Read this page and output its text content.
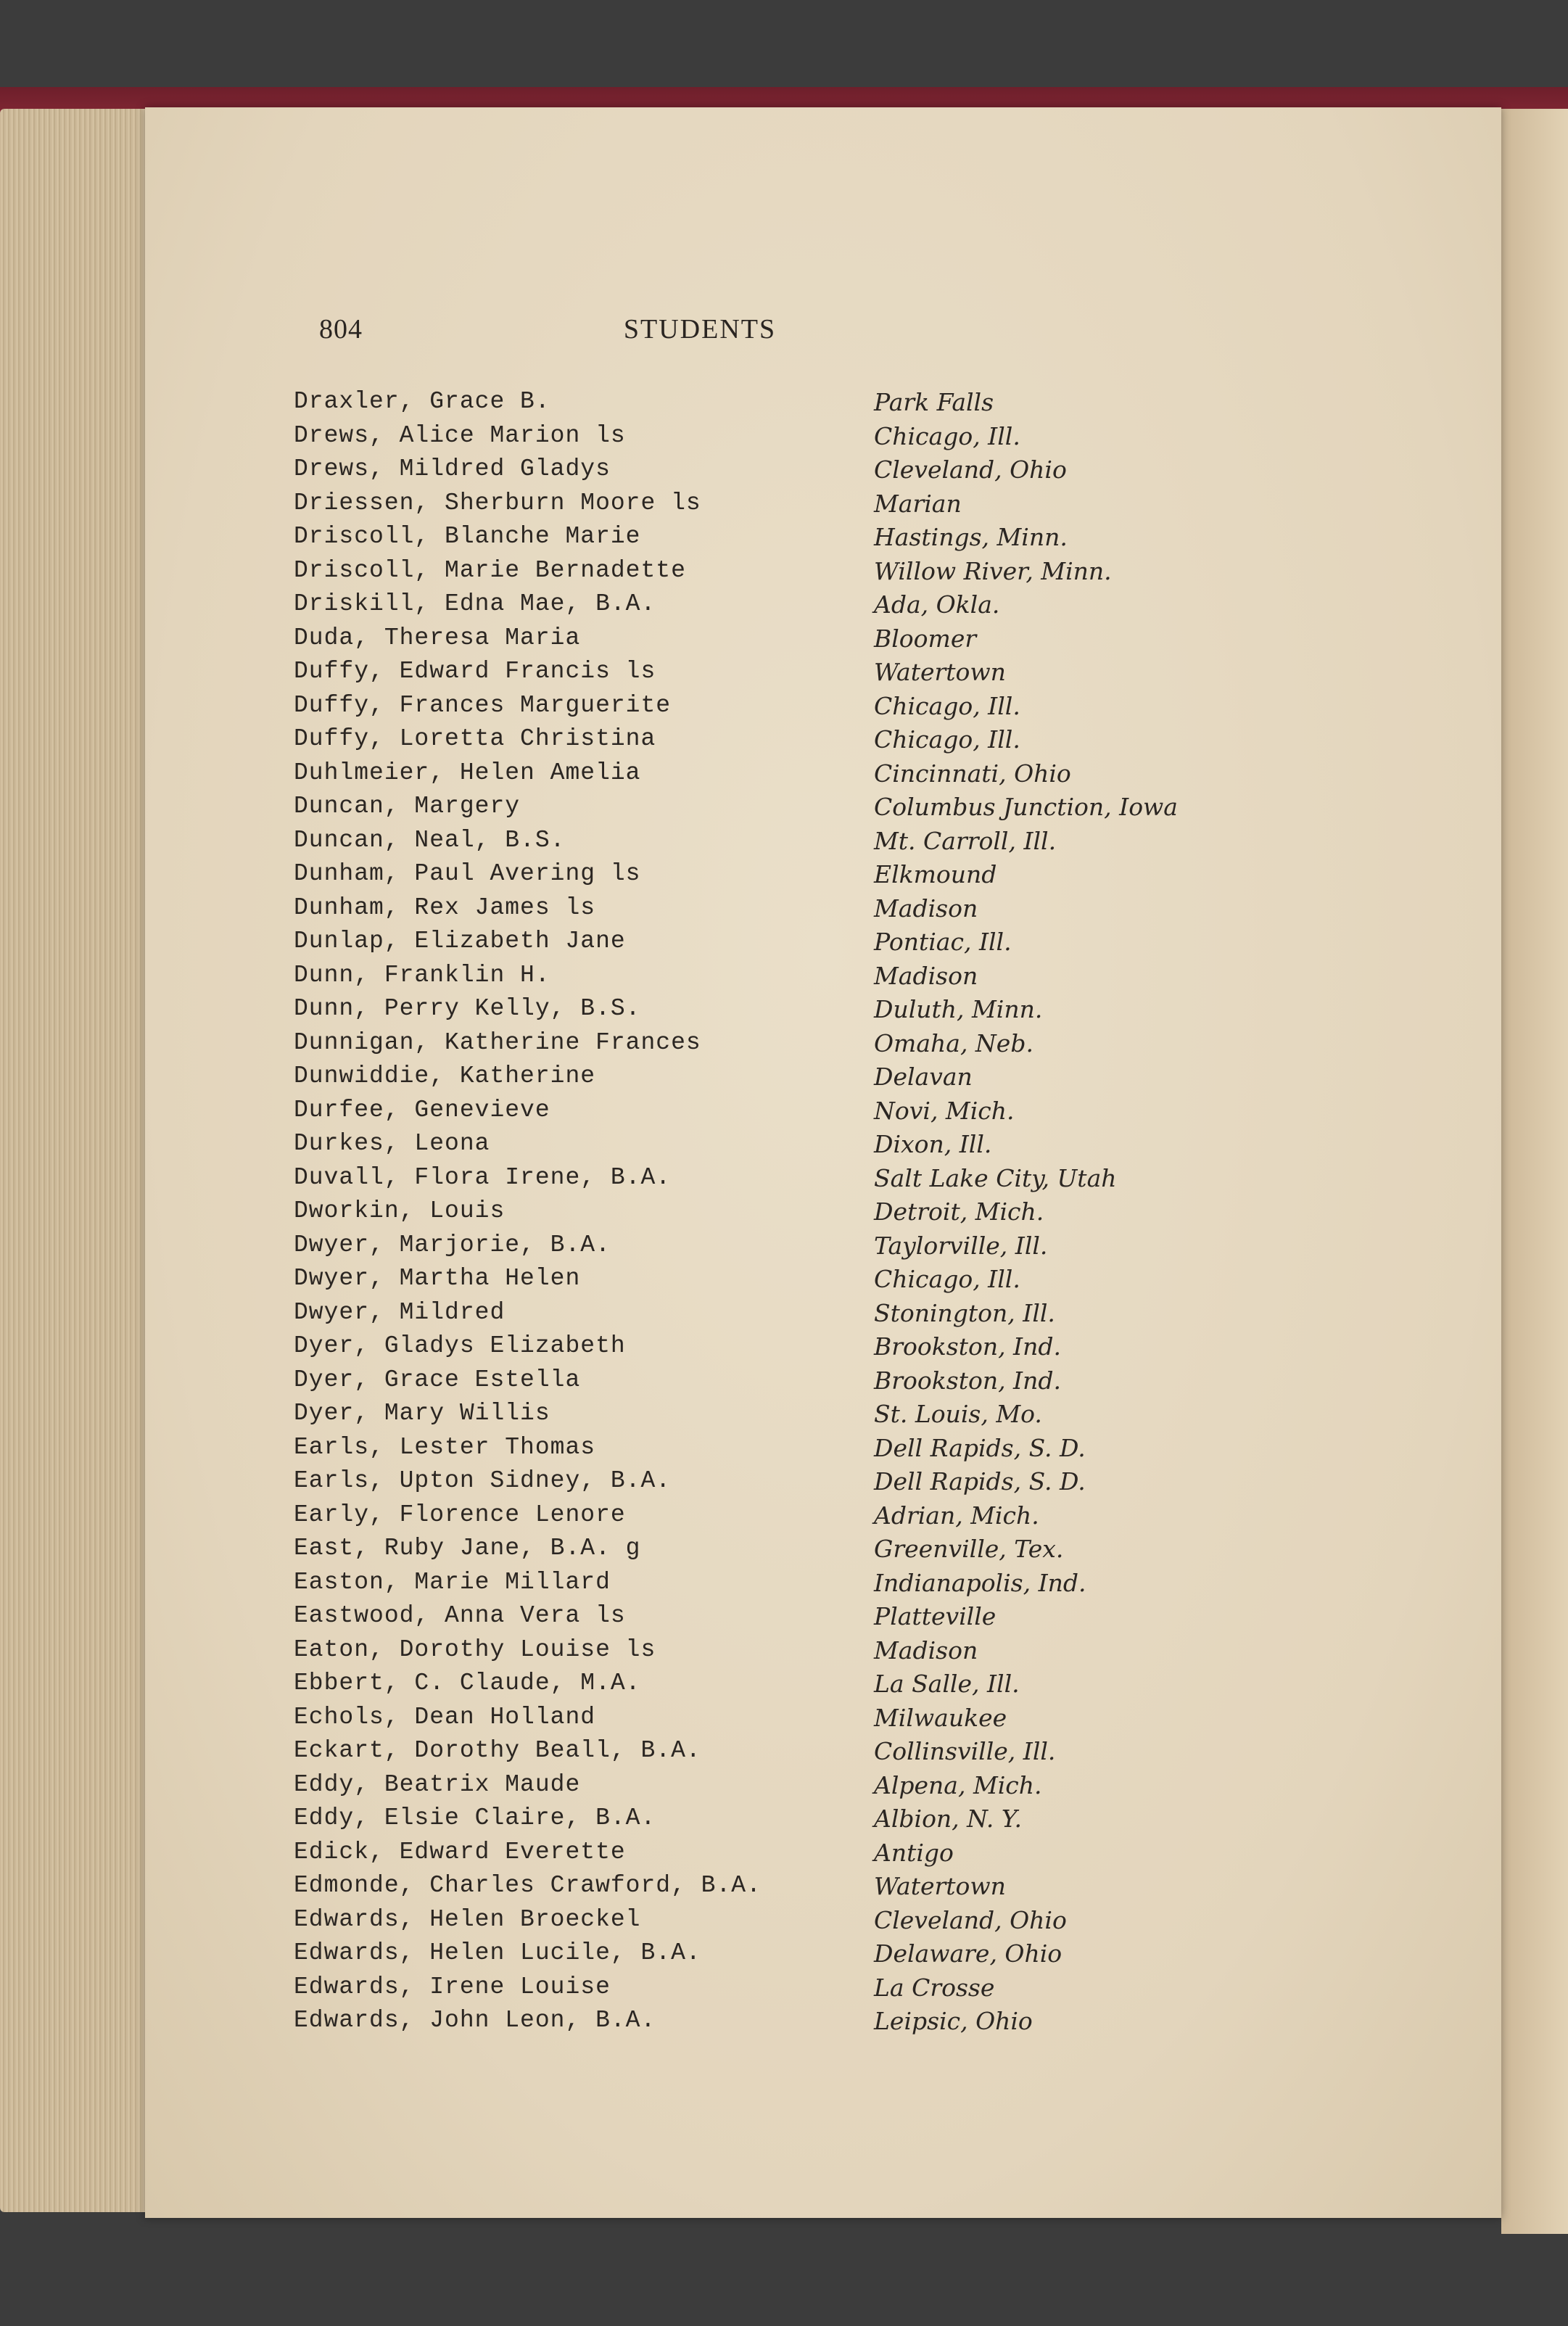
804	STUDENTS
Draxler, Grace B.	Park Falls
Drews, Alice Marion ls	Chicago, Ill.
Drews, Mildred Gladys	Cleveland, Ohio
Driessen, Sherburn Moore ls	Marian
Driscoll, Blanche Marie	Hastings, Minn.
Driscoll, Marie Bernadette	Willow River, Minn.
Driskill, Edna Mae, B.A.	Ada, Okla.
Duda, Theresa Maria	Bloomer
Duffy, Edward Francis ls	Watertown
Duffy, Frances Marguerite	Chicago, Ill.
Duffy, Loretta Christina	Chicago, Ill.
Duhlmeier, Helen Amelia	Cincinnati, Ohio
Duncan, Margery	Columbus Junction, Iowa
Duncan, Neal, B.S.	Mt. Carroll, Ill.
Dunham, Paul Avering ls	Elkmound
Dunham, Rex James ls	Madison
Dunlap, Elizabeth Jane	Pontiac, Ill.
Dunn, Franklin H.	Madison
Dunn, Perry Kelly, B.S.	Duluth, Minn.
Dunnigan, Katherine Frances	Omaha, Neb.
Dunwiddie, Katherine	Delavan
Durfee, Genevieve	Novi, Mich.
Durkes, Leona	Dixon, Ill.
Duvall, Flora Irene, B.A.	Salt Lake City, Utah
Dworkin, Louis	Detroit, Mich.
Dwyer, Marjorie, B.A.	Taylorville, Ill.
Dwyer, Martha Helen	Chicago, Ill.
Dwyer, Mildred	Stonington, Ill.
Dyer, Gladys Elizabeth	Brookston, Ind.
Dyer, Grace Estella	Brookston, Ind.
Dyer, Mary Willis	St. Louis, Mo.
Earls, Lester Thomas	Dell Rapids, S. D.
Earls, Upton Sidney, B.A.	Dell Rapids, S. D.
Early, Florence Lenore	Adrian, Mich.
East, Ruby Jane, B.A. g	Greenville, Tex.
Easton, Marie Millard	Indianapolis, Ind.
Eastwood, Anna Vera ls	Platteville
Eaton, Dorothy Louise ls	Madison
Ebbert, C. Claude, M.A.	La Salle, Ill.
Echols, Dean Holland	Milwaukee
Eckart, Dorothy Beall, B.A.	Collinsville, Ill.
Eddy, Beatrix Maude	Alpena, Mich.
Eddy, Elsie Claire, B.A.	Albion, N. Y.
Edick, Edward Everette	Antigo
Edmonde, Charles Crawford, B.A.	Watertown
Edwards, Helen Broeckel	Cleveland, Ohio
Edwards, Helen Lucile, B.A.	Delaware, Ohio
Edwards, Irene Louise	La Crosse
Edwards, John Leon, B.A.	Leipsic, Ohio
